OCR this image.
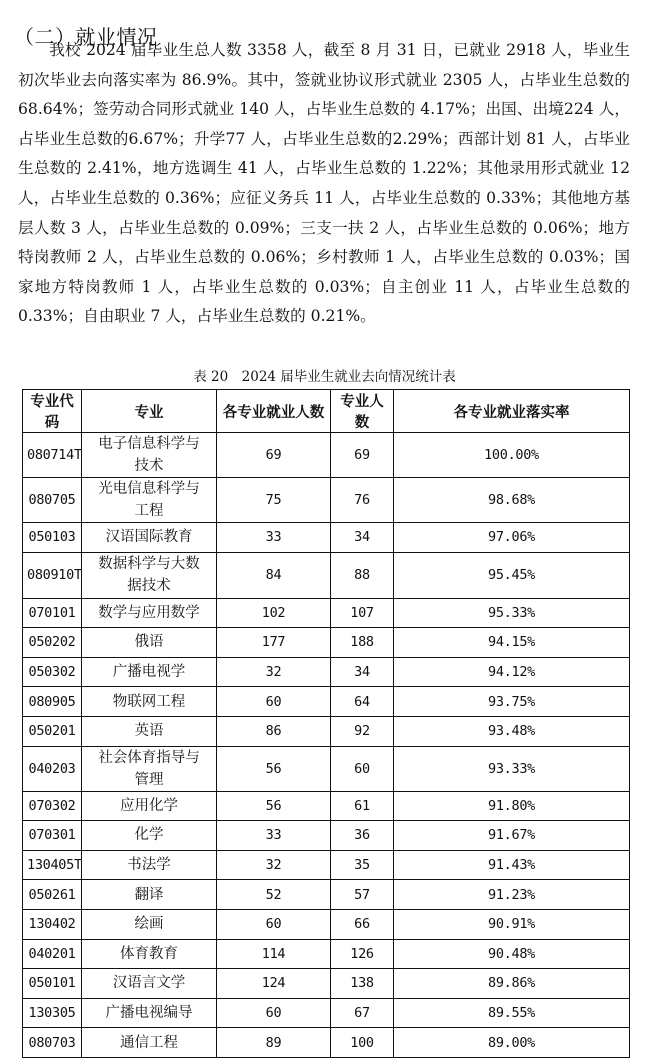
（二）就业情况

我校 2024 届毕业生总人数 3358 人，截至 8 月 31 日，已就业 2918 人，毕业生初次毕业去向落实率为 86.9%。其中，签就业协议形式就业 2305 人，占毕业生总数的 68.64%；签劳动合同形式就业 140 人，占毕业生总数的 4.17%；出国、出境224 人，占毕业生总数的6.67%；升学77 人，占毕业生总数的2.29%；西部计划 81 人，占毕业生总数的 2.41%，地方选调生 41 人，占毕业生总数的 1.22%；其他录用形式就业 12 人，占毕业生总数的 0.36%；应征义务兵 11 人，占毕业生总数的 0.33%；其他地方基层人数 3 人，占毕业生总数的 0.09%；三支一扶 2 人，占毕业生总数的 0.06%；地方特岗教师 2 人，占毕业生总数的 0.06%；乡村教师 1 人，占毕业生总数的 0.03%；国家地方特岗教师 1 人，占毕业生总数的 0.03%；自主创业 11 人，占毕业生总数的 0.33%；自由职业 7 人，占毕业生总数的 0.21%。

表 20　2024 届毕业生就业去向情况统计表
专业代码	专业	各专业就业人数	专业人数	各专业就业落实率
080714T	电子信息科学与技术	69	69	100.00%
080705	光电信息科学与工程	75	76	98.68%
050103	汉语国际教育	33	34	97.06%
080910T	数据科学与大数据技术	84	88	95.45%
070101	数学与应用数学	102	107	95.33%
050202	俄语	177	188	94.15%
050302	广播电视学	32	34	94.12%
080905	物联网工程	60	64	93.75%
050201	英语	86	92	93.48%
040203	社会体育指导与管理	56	60	93.33%
070302	应用化学	56	61	91.80%
070301	化学	33	36	91.67%
130405T	书法学	32	35	91.43%
050261	翻译	52	57	91.23%
130402	绘画	60	66	90.91%
040201	体育教育	114	126	90.48%
050101	汉语言文学	124	138	89.86%
130305	广播电视编导	60	67	89.55%
080703	通信工程	89	100	89.00%
